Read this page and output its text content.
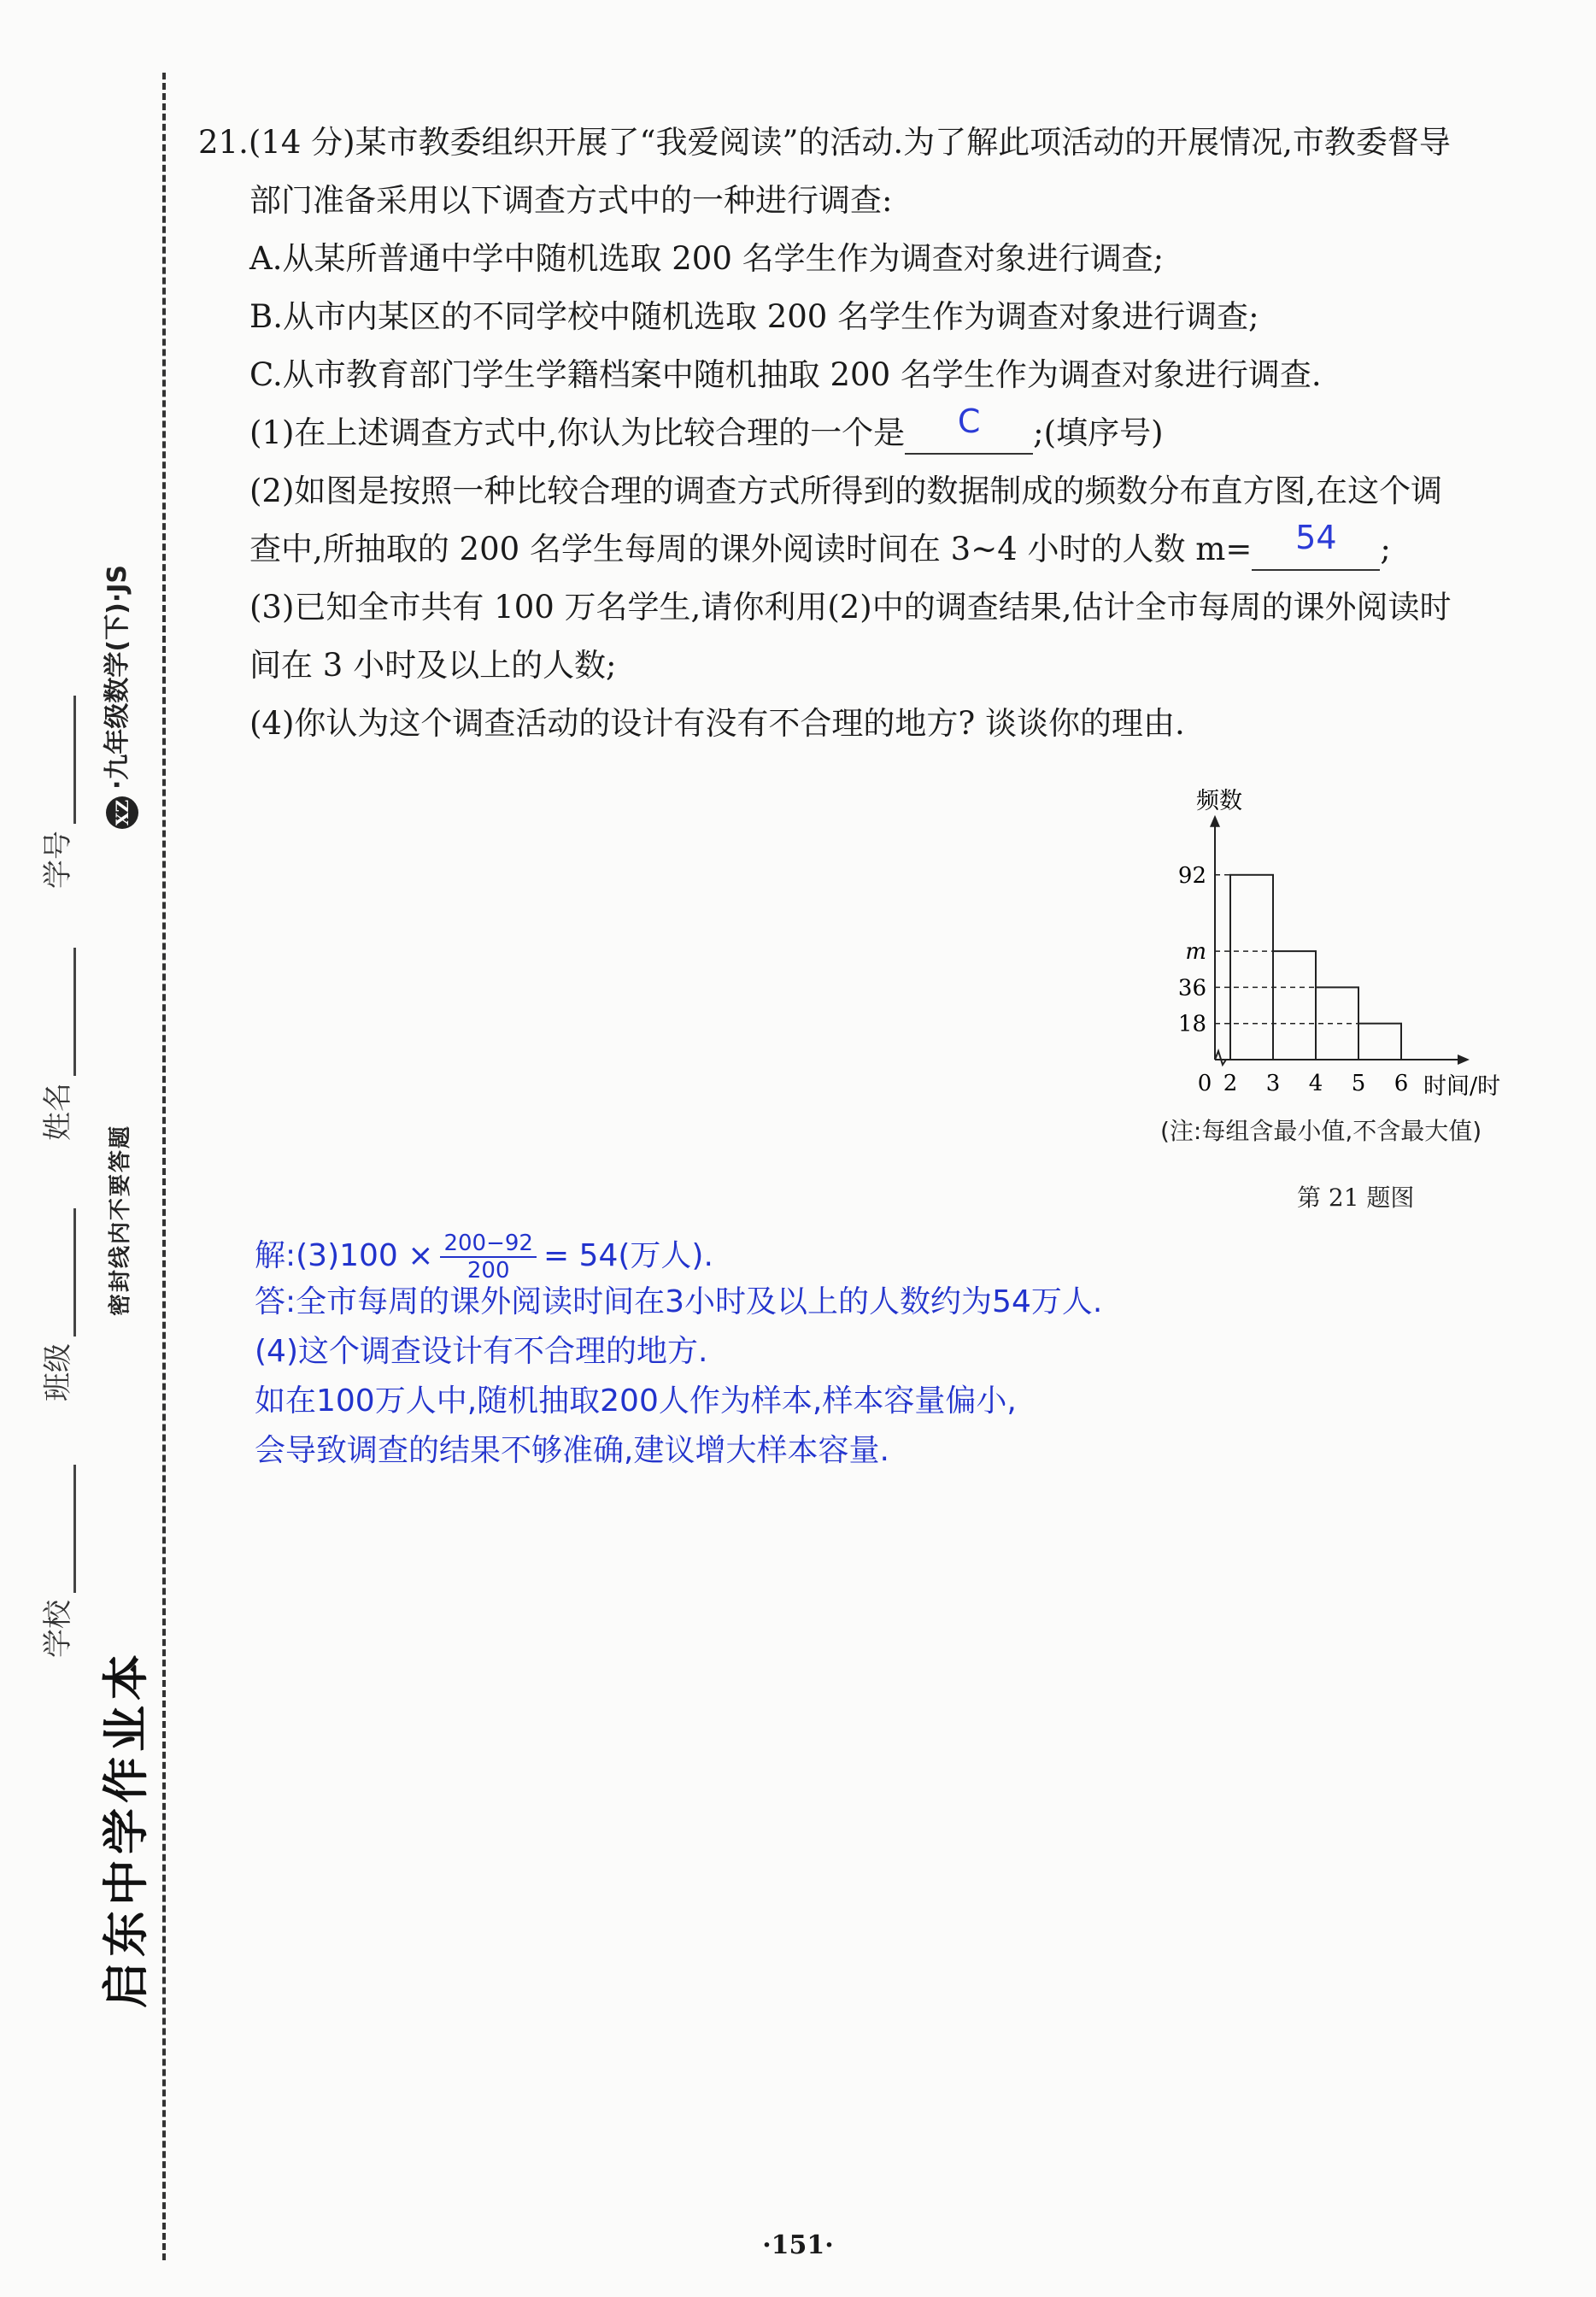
学校
班级
姓名
学号
密封线内不要答题
XZ·九年级数学(下)·JS
启东中学作业本
21.(14 分)某市教委组织开展了“我爱阅读”的活动.为了解此项活动的开展情况,市教委督导
部门准备采用以下调查方式中的一种进行调查:
A.从某所普通中学中随机选取 200 名学生作为调查对象进行调查;
B.从市内某区的不同学校中随机选取 200 名学生作为调查对象进行调查;
C.从市教育部门学生学籍档案中随机抽取 200 名学生作为调查对象进行调查.
(1)在上述调查方式中,你认为比较合理的一个是	C	;(填序号)
(2)如图是按照一种比较合理的调查方式所得到的数据制成的频数分布直方图,在这个调
查中,所抽取的 200 名学生每周的课外阅读时间在 3~4 小时的人数 m=	54	;
(3)已知全市共有 100 万名学生,请你利用(2)中的调查结果,估计全市每周的课外阅读时
间在 3 小时及以上的人数;
(4)你认为这个调查活动的设计有没有不合理的地方? 谈谈你的理由.
18
36
m
92
0 2 3 4 5 6 时间/时
频数
(注:每组含最小值,不含最大值)
第 21 题图
解:(3)100 × $\frac{200-92}{200} = 54$(万人).
答:全市每周的课外阅读时间在3小时及以上的人数约为54万人.
(4)这个调查设计有不合理的地方.
如在100万人中,随机抽取200人作为样本,样本容量偏小,
会导致调查的结果不够准确,建议增大样本容量.
·151·
